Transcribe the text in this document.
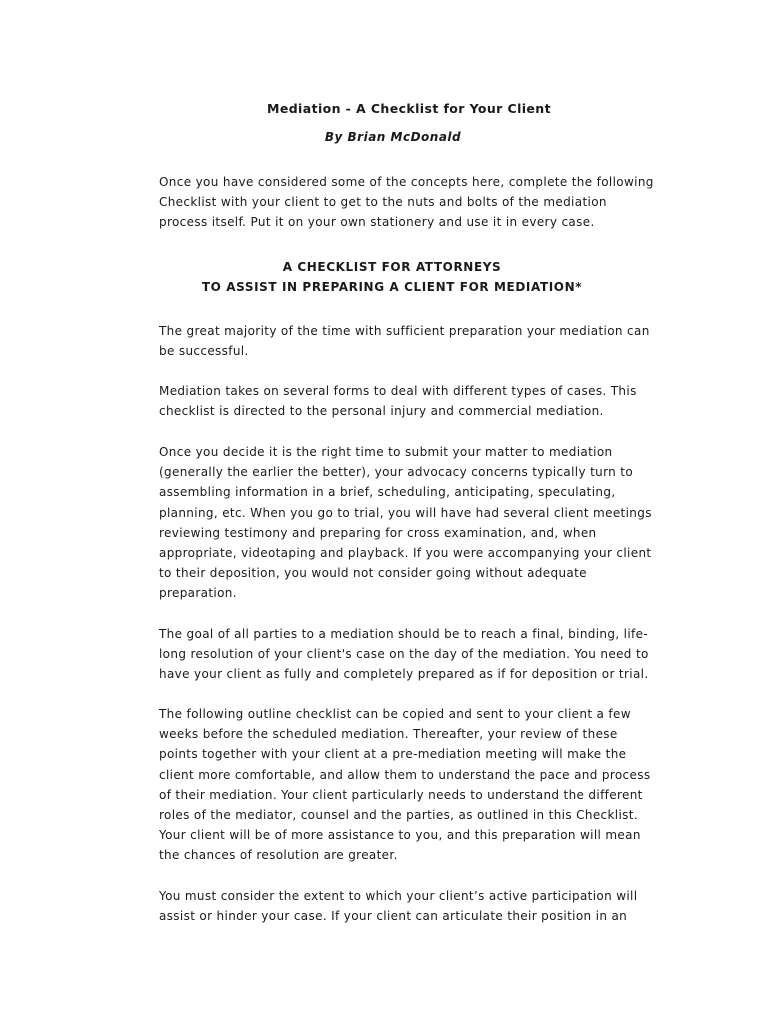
Mediation - A Checklist for Your Client

By Brian McDonald

Once you have considered some of the concepts here, complete the following
Checklist with your client to get to the nuts and bolts of the mediation
process itself. Put it on your own stationery and use it in every case.

A CHECKLIST FOR ATTORNEYS
TO ASSIST IN PREPARING A CLIENT FOR MEDIATION*

The great majority of the time with sufficient preparation your mediation can
be successful.

Mediation takes on several forms to deal with different types of cases. This
checklist is directed to the personal injury and commercial mediation.

Once you decide it is the right time to submit your matter to mediation
(generally the earlier the better), your advocacy concerns typically turn to
assembling information in a brief, scheduling, anticipating, speculating,
planning, etc. When you go to trial, you will have had several client meetings
reviewing testimony and preparing for cross examination, and, when
appropriate, videotaping and playback. If you were accompanying your client
to their deposition, you would not consider going without adequate
preparation.

The goal of all parties to a mediation should be to reach a final, binding, life-
long resolution of your client's case on the day of the mediation. You need to
have your client as fully and completely prepared as if for deposition or trial.

The following outline checklist can be copied and sent to your client a few
weeks before the scheduled mediation. Thereafter, your review of these
points together with your client at a pre-mediation meeting will make the
client more comfortable, and allow them to understand the pace and process
of their mediation. Your client particularly needs to understand the different
roles of the mediator, counsel and the parties, as outlined in this Checklist.
Your client will be of more assistance to you, and this preparation will mean
the chances of resolution are greater.

You must consider the extent to which your client’s active participation will
assist or hinder your case. If your client can articulate their position in an
